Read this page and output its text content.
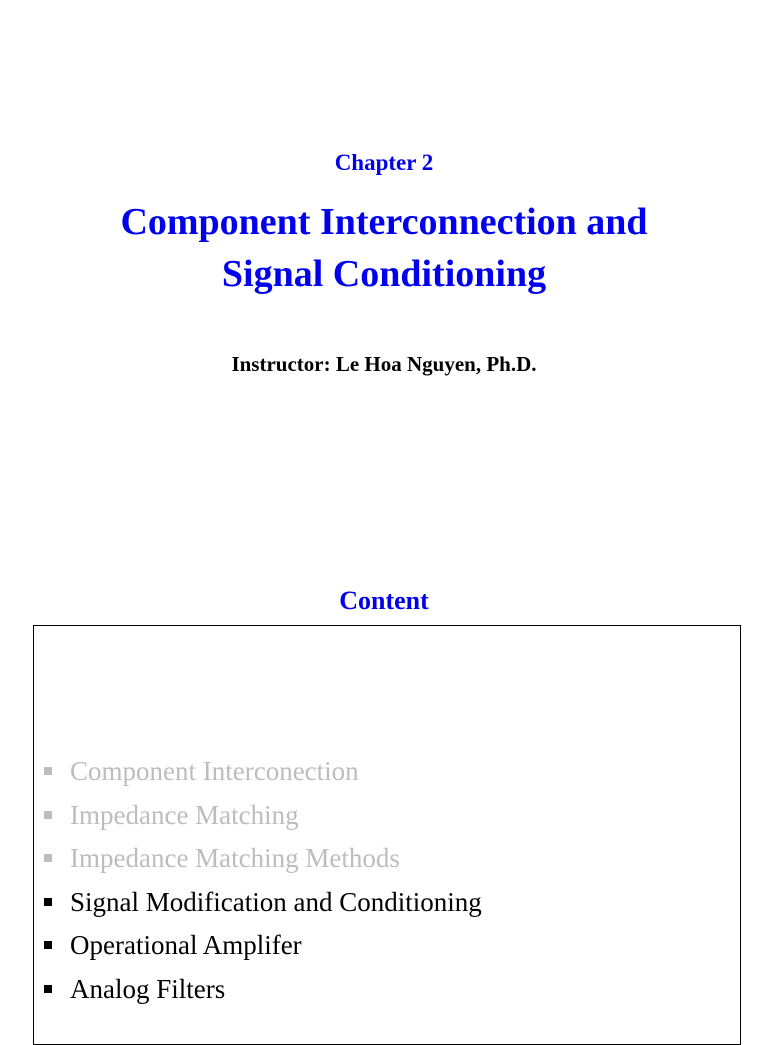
Chapter 2
Component Interconnection and
Signal Conditioning
Instructor: Le Hoa Nguyen, Ph.D.
Content
Component Interconection
Impedance Matching
Impedance Matching Methods
Signal Modification and Conditioning
Operational Amplifer
Analog Filters
